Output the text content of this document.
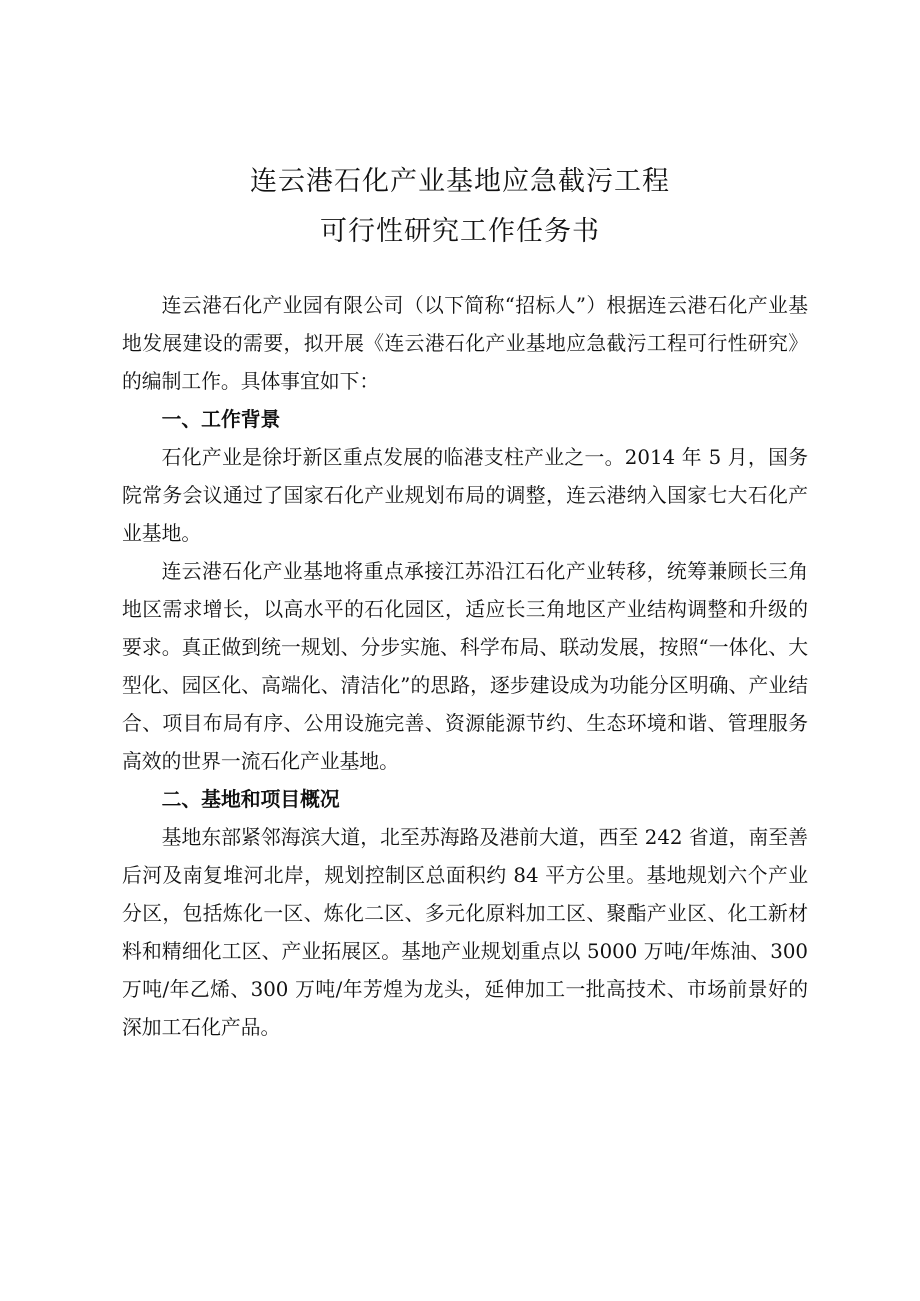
连云港石化产业基地应急截污工程
可行性研究工作任务书

连云港石化产业园有限公司（以下简称“招标人”）根据连云港石化产业基地发展建设的需要，拟开展《连云港石化产业基地应急截污工程可行性研究》的编制工作。具体事宜如下：

一、工作背景

石化产业是徐圩新区重点发展的临港支柱产业之一。2014 年 5 月，国务院常务会议通过了国家石化产业规划布局的调整，连云港纳入国家七大石化产业基地。

连云港石化产业基地将重点承接江苏沿江石化产业转移，统筹兼顾长三角地区需求增长，以高水平的石化园区，适应长三角地区产业结构调整和升级的要求。真正做到统一规划、分步实施、科学布局、联动发展，按照“一体化、大型化、园区化、高端化、清洁化”的思路，逐步建设成为功能分区明确、产业结合、项目布局有序、公用设施完善、资源能源节约、生态环境和谐、管理服务高效的世界一流石化产业基地。

二、基地和项目概况

基地东部紧邻海滨大道，北至苏海路及港前大道，西至 242 省道，南至善后河及南复堆河北岸，规划控制区总面积约 84 平方公里。基地规划六个产业分区，包括炼化一区、炼化二区、多元化原料加工区、聚酯产业区、化工新材料和精细化工区、产业拓展区。基地产业规划重点以 5000 万吨/年炼油、300 万吨/年乙烯、300 万吨/年芳煌为龙头，延伸加工一批高技术、市场前景好的深加工石化产品。
